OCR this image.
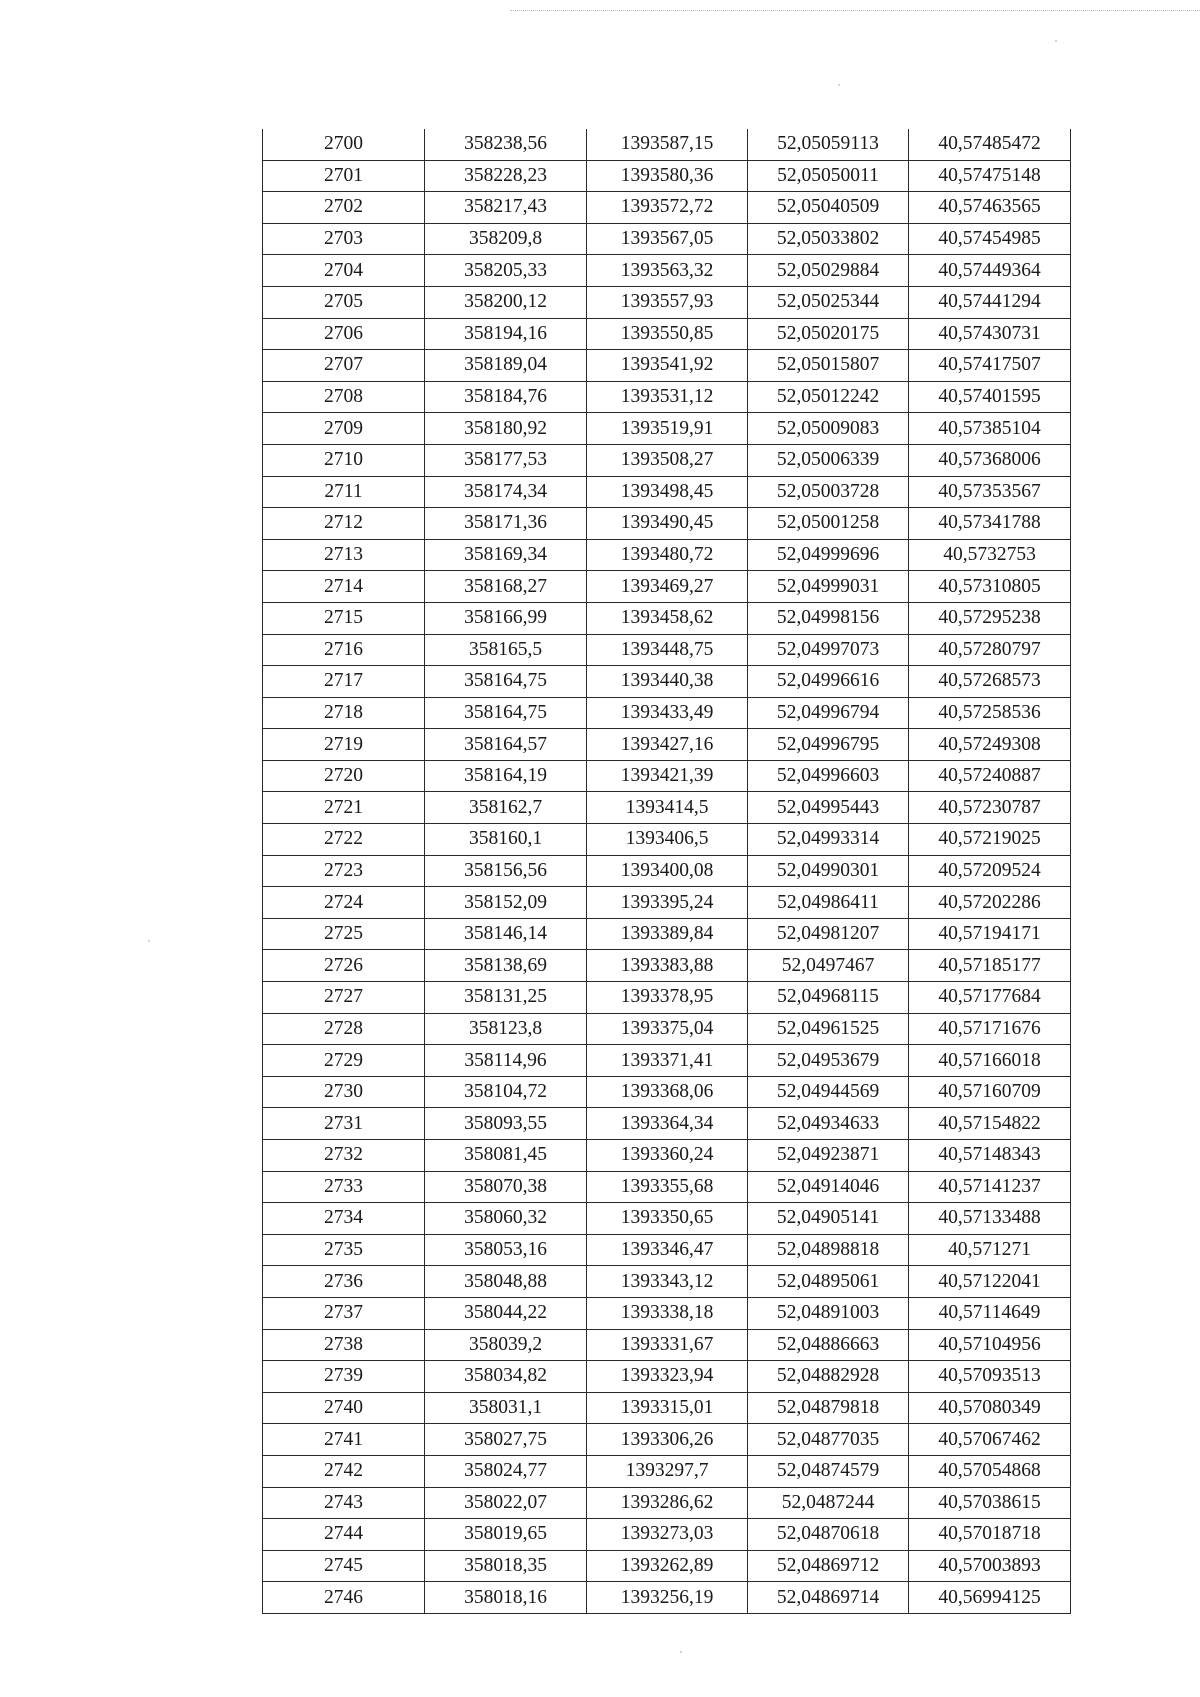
2700	358238,56	1393587,15	52,05059113	40,57485472
2701	358228,23	1393580,36	52,05050011	40,57475148
2702	358217,43	1393572,72	52,05040509	40,57463565
2703	358209,8	1393567,05	52,05033802	40,57454985
2704	358205,33	1393563,32	52,05029884	40,57449364
2705	358200,12	1393557,93	52,05025344	40,57441294
2706	358194,16	1393550,85	52,05020175	40,57430731
2707	358189,04	1393541,92	52,05015807	40,57417507
2708	358184,76	1393531,12	52,05012242	40,57401595
2709	358180,92	1393519,91	52,05009083	40,57385104
2710	358177,53	1393508,27	52,05006339	40,57368006
2711	358174,34	1393498,45	52,05003728	40,57353567
2712	358171,36	1393490,45	52,05001258	40,57341788
2713	358169,34	1393480,72	52,04999696	40,5732753
2714	358168,27	1393469,27	52,04999031	40,57310805
2715	358166,99	1393458,62	52,04998156	40,57295238
2716	358165,5	1393448,75	52,04997073	40,57280797
2717	358164,75	1393440,38	52,04996616	40,57268573
2718	358164,75	1393433,49	52,04996794	40,57258536
2719	358164,57	1393427,16	52,04996795	40,57249308
2720	358164,19	1393421,39	52,04996603	40,57240887
2721	358162,7	1393414,5	52,04995443	40,57230787
2722	358160,1	1393406,5	52,04993314	40,57219025
2723	358156,56	1393400,08	52,04990301	40,57209524
2724	358152,09	1393395,24	52,04986411	40,57202286
2725	358146,14	1393389,84	52,04981207	40,57194171
2726	358138,69	1393383,88	52,0497467	40,57185177
2727	358131,25	1393378,95	52,04968115	40,57177684
2728	358123,8	1393375,04	52,04961525	40,57171676
2729	358114,96	1393371,41	52,04953679	40,57166018
2730	358104,72	1393368,06	52,04944569	40,57160709
2731	358093,55	1393364,34	52,04934633	40,57154822
2732	358081,45	1393360,24	52,04923871	40,57148343
2733	358070,38	1393355,68	52,04914046	40,57141237
2734	358060,32	1393350,65	52,04905141	40,57133488
2735	358053,16	1393346,47	52,04898818	40,571271
2736	358048,88	1393343,12	52,04895061	40,57122041
2737	358044,22	1393338,18	52,04891003	40,57114649
2738	358039,2	1393331,67	52,04886663	40,57104956
2739	358034,82	1393323,94	52,04882928	40,57093513
2740	358031,1	1393315,01	52,04879818	40,57080349
2741	358027,75	1393306,26	52,04877035	40,57067462
2742	358024,77	1393297,7	52,04874579	40,57054868
2743	358022,07	1393286,62	52,0487244	40,57038615
2744	358019,65	1393273,03	52,04870618	40,57018718
2745	358018,35	1393262,89	52,04869712	40,57003893
2746	358018,16	1393256,19	52,04869714	40,56994125
